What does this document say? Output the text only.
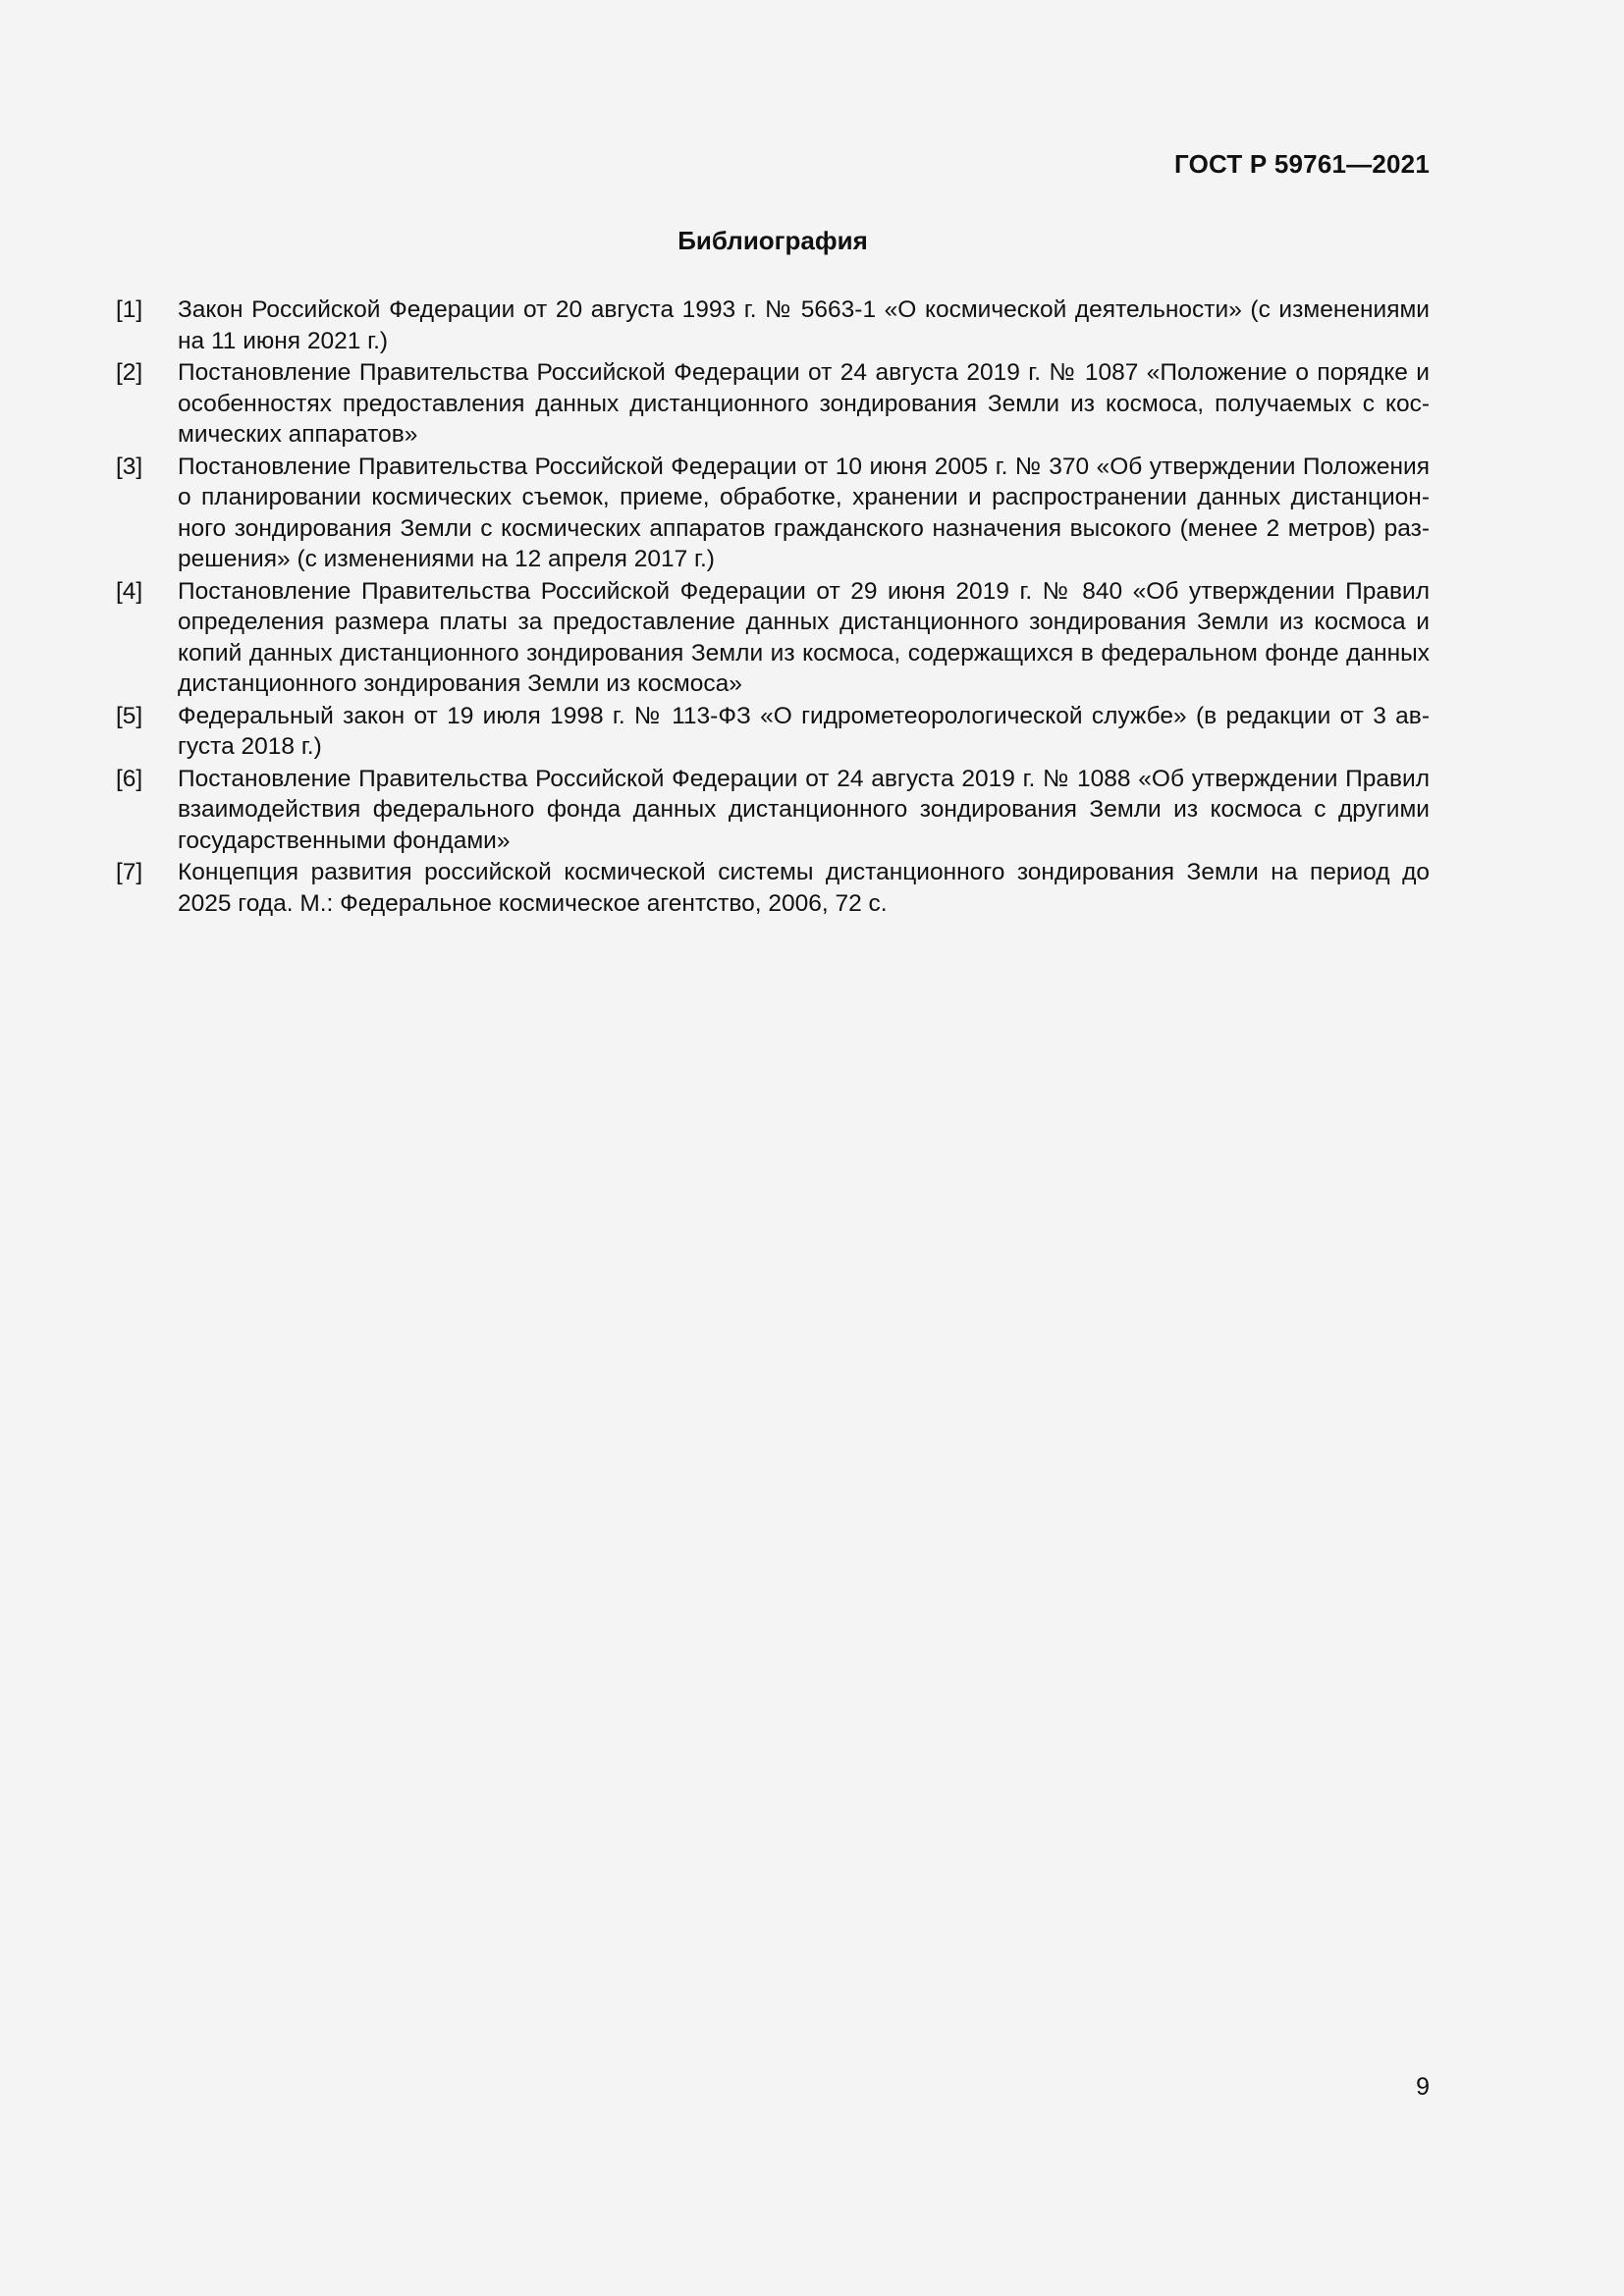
ГОСТ Р 59761—2021
Библиография
[1]	Закон Российской Федерации от 20 августа 1993 г. № 5663-1 «О космической деятельности» (с изменениями на 11 июня 2021 г.)
[2]	Постановление Правительства Российской Федерации от 24 августа 2019 г. № 1087 «Положение о порядке и особенностях предоставления данных дистанционного зондирования Земли из космоса, получаемых с космических аппаратов»
[3]	Постановление Правительства Российской Федерации от 10 июня 2005 г. № 370 «Об утверждении Положения о планировании космических съемок, приеме, обработке, хранении и распространении данных дистанционного зондирования Земли с космических аппаратов гражданского назначения высокого (менее 2 метров) разрешения» (с изменениями на 12 апреля 2017 г.)
[4]	Постановление Правительства Российской Федерации от 29 июня 2019 г. № 840 «Об утверждении Правил определения размера платы за предоставление данных дистанционного зондирования Земли из космоса и копий данных дистанционного зондирования Земли из космоса, содержащихся в федеральном фонде данных дистанционного зондирования Земли из космоса»
[5]	Федеральный закон от 19 июля 1998 г. № 113-ФЗ «О гидрометеорологической службе» (в редакции от 3 августа 2018 г.)
[6]	Постановление Правительства Российской Федерации от 24 августа 2019 г. № 1088 «Об утверждении Правил взаимодействия федерального фонда данных дистанционного зондирования Земли из космоса с другими государственными фондами»
[7]	Концепция развития российской космической системы дистанционного зондирования Земли на период до 2025 года. М.: Федеральное космическое агентство, 2006, 72 с.
9
